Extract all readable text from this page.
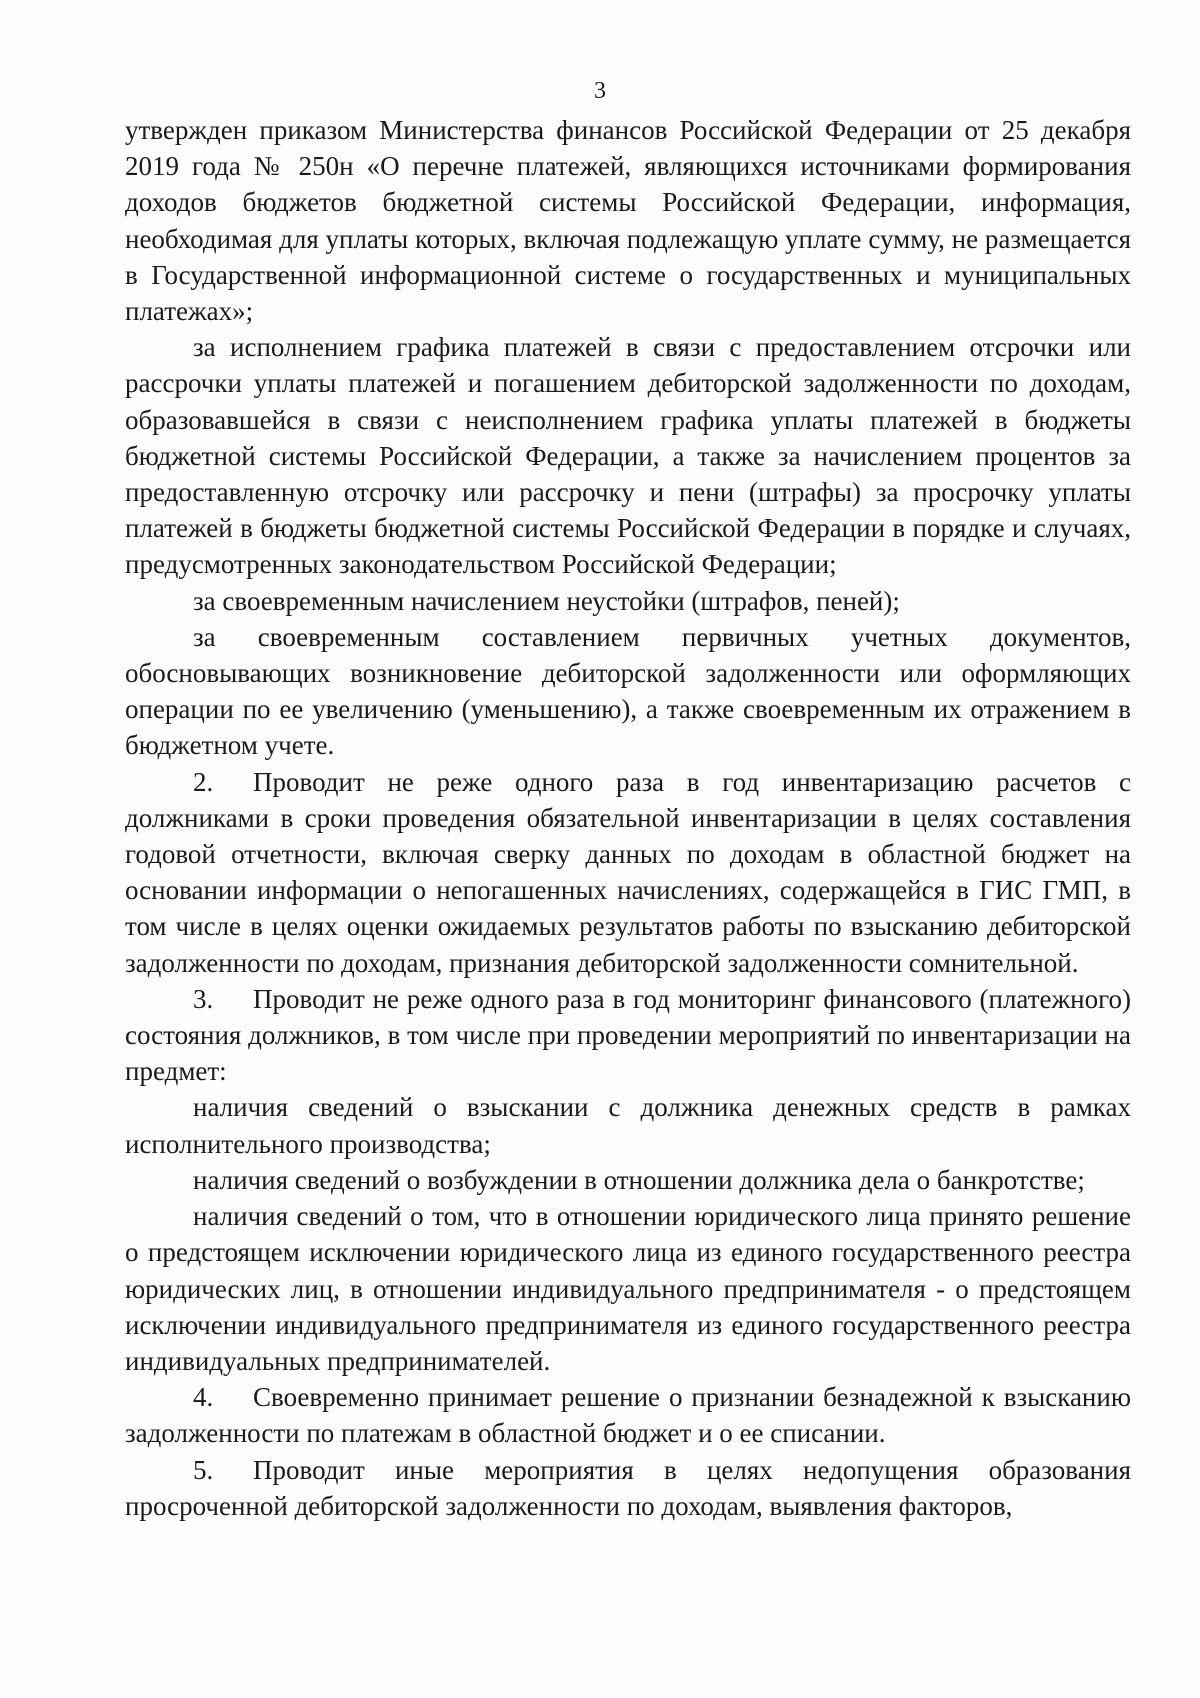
3

утвержден приказом Министерства финансов Российской Федерации от 25 декабря 2019 года № 250н «О перечне платежей, являющихся источниками формирования доходов бюджетов бюджетной системы Российской Федерации, информация, необходимая для уплаты которых, включая подлежащую уплате сумму, не размещается в Государственной информационной системе о государственных и муниципальных платежах»;

за исполнением графика платежей в связи с предоставлением отсрочки или рассрочки уплаты платежей и погашением дебиторской задолженности по доходам, образовавшейся в связи с неисполнением графика уплаты платежей в бюджеты бюджетной системы Российской Федерации, а также за начислением процентов за предоставленную отсрочку или рассрочку и пени (штрафы) за просрочку уплаты платежей в бюджеты бюджетной системы Российской Федерации в порядке и случаях, предусмотренных законодательством Российской Федерации;

за своевременным начислением неустойки (штрафов, пеней);

за своевременным составлением первичных учетных документов, обосновывающих возникновение дебиторской задолженности или оформляющих операции по ее увеличению (уменьшению), а также своевременным их отражением в бюджетном учете.

2. Проводит не реже одного раза в год инвентаризацию расчетов с должниками в сроки проведения обязательной инвентаризации в целях составления годовой отчетности, включая сверку данных по доходам в областной бюджет на основании информации о непогашенных начислениях, содержащейся в ГИС ГМП, в том числе в целях оценки ожидаемых результатов работы по взысканию дебиторской задолженности по доходам, признания дебиторской задолженности сомнительной.

3. Проводит не реже одного раза в год мониторинг финансового (платежного) состояния должников, в том числе при проведении мероприятий по инвентаризации на предмет:

наличия сведений о взыскании с должника денежных средств в рамках исполнительного производства;

наличия сведений о возбуждении в отношении должника дела о банкротстве;

наличия сведений о том, что в отношении юридического лица принято решение о предстоящем исключении юридического лица из единого государственного реестра юридических лиц, в отношении индивидуального предпринимателя - о предстоящем исключении индивидуального предпринимателя из единого государственного реестра индивидуальных предпринимателей.

4. Своевременно принимает решение о признании безнадежной к взысканию задолженности по платежам в областной бюджет и о ее списании.

5. Проводит иные мероприятия в целях недопущения образования просроченной дебиторской задолженности по доходам, выявления факторов,
